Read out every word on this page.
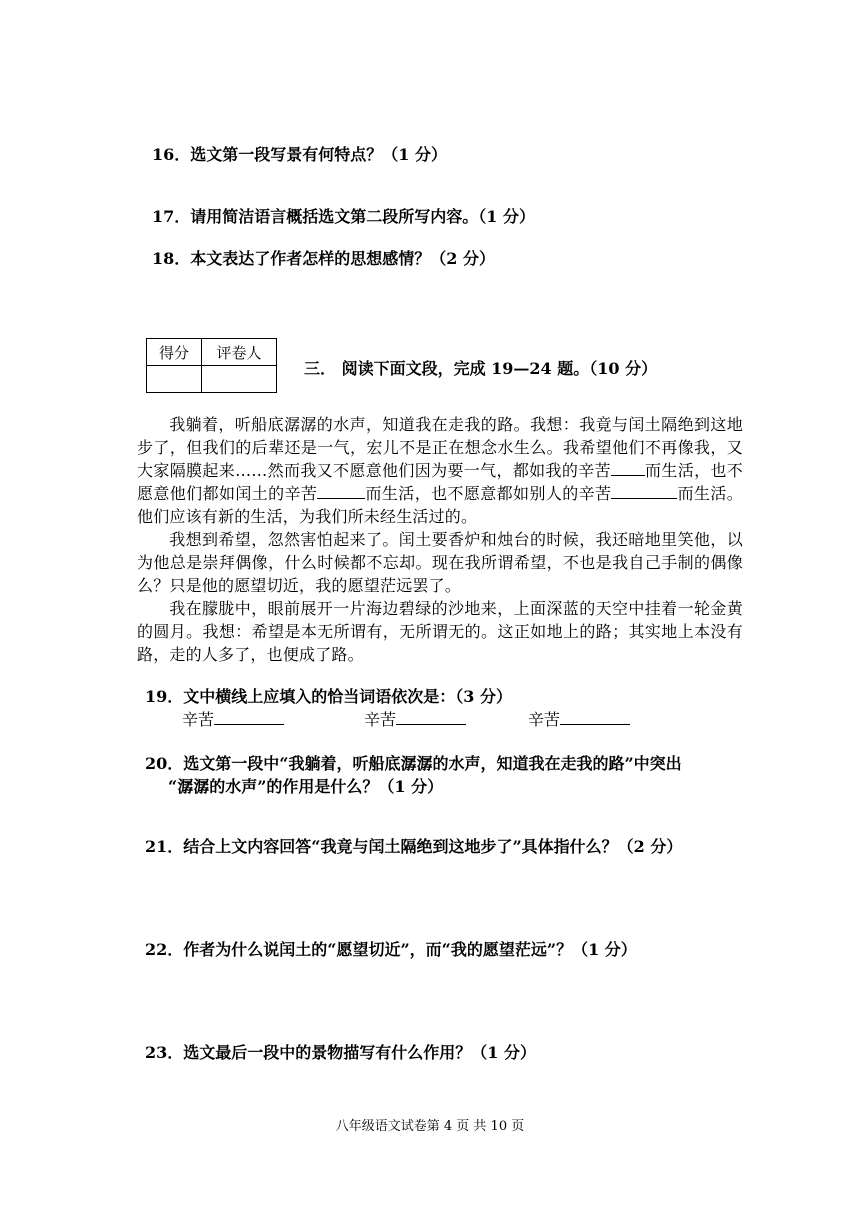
16．选文第一段写景有何特点？（1 分）
17．请用简洁语言概括选文第二段所写内容。（1 分）
18．本文表达了作者怎样的思想感情？（2 分）
得分	评卷人

三． 阅读下面文段，完成 19—24 题。（10 分）
我躺着，听船底潺潺的水声，知道我在走我的路。我想：我竟与闰土隔绝到这地步了，但我们的后辈还是一气，宏儿不是正在想念水生么。我希望他们不再像我，又大家隔膜起来……然而我又不愿意他们因为要一气，都如我的辛苦 而生活，也不愿意他们都如闰土的辛苦	而生活，也不愿意都如别人的辛苦	而生活。他们应该有新的生活，为我们所未经生活过的。
我想到希望，忽然害怕起来了。闰土要香炉和烛台的时候，我还暗地里笑他，以为他总是崇拜偶像，什么时候都不忘却。现在我所谓希望，不也是我自己手制的偶像么？只是他的愿望切近，我的愿望茫远罢了。
我在朦胧中，眼前展开一片海边碧绿的沙地来，上面深蓝的天空中挂着一轮金黄的圆月。我想：希望是本无所谓有，无所谓无的。这正如地上的路；其实地上本没有路，走的人多了，也便成了路。
19．文中横线上应填入的恰当词语依次是：（3 分）
辛苦	辛苦	辛苦
20．选文第一段中“我躺着，听船底潺潺的水声，知道我在走我的路”中突出
“潺潺的水声”的作用是什么？（1 分）
21．结合上文内容回答“我竟与闰土隔绝到这地步了”具体指什么？（2 分）
22．作者为什么说闰土的“愿望切近”，而“我的愿望茫远”？（1 分）
23．选文最后一段中的景物描写有什么作用？（1 分）
八年级语文试卷第 4 页 共 10 页
